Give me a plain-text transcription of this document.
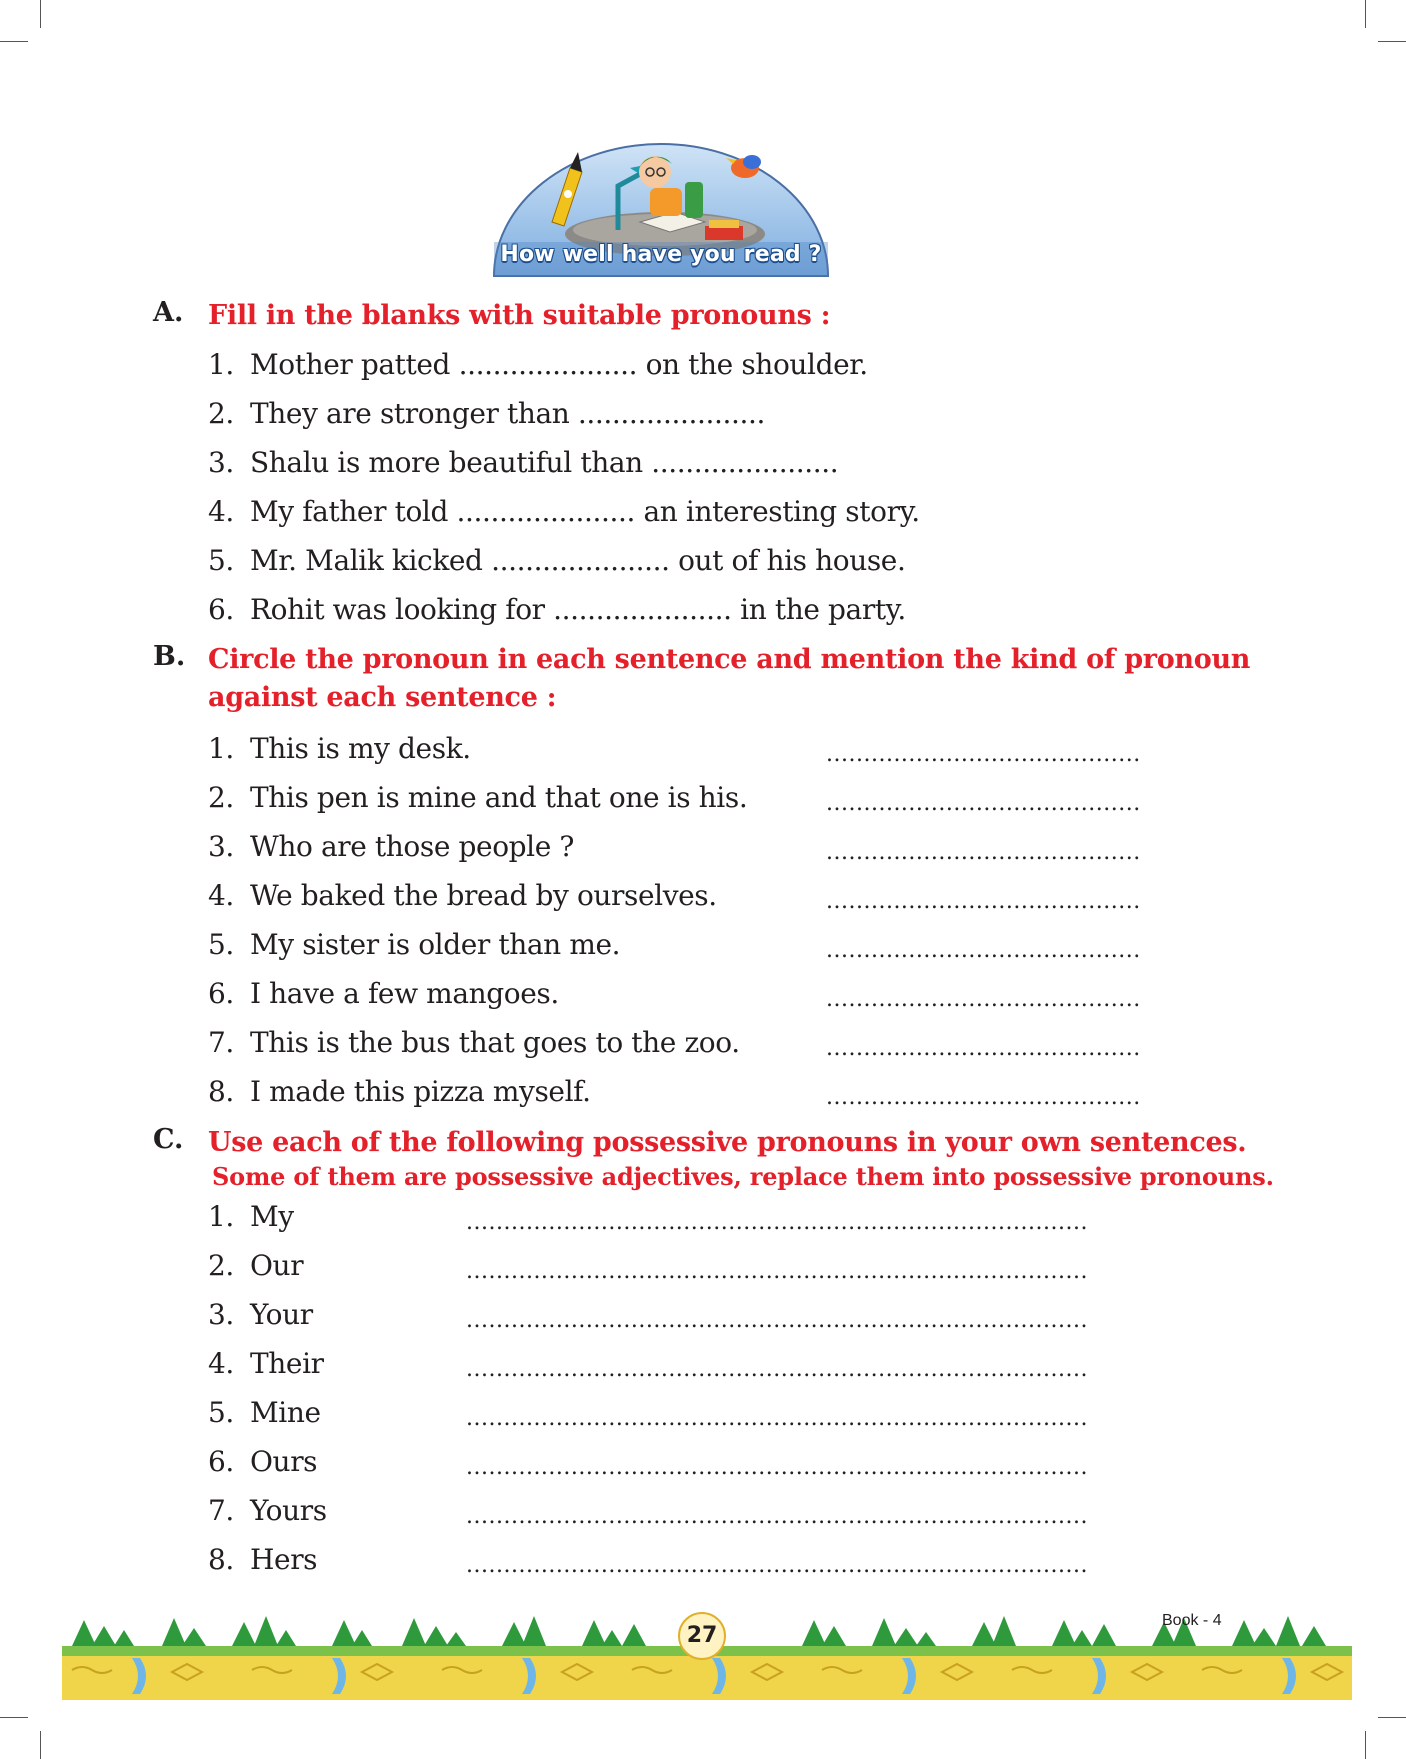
How well have you read ?
A. Fill in the blanks with suitable pronouns :
1. Mother patted ..................... on the shoulder.
2. They are stronger than ......................
3. Shalu is more beautiful than ......................
4. My father told ..................... an interesting story.
5. Mr. Malik kicked ..................... out of his house.
6. Rohit was looking for ..................... in the party.
B. Circle the pronoun in each sentence and mention the kind of pronoun
against each sentence :
1. This is my desk.	..........................................
2. This pen is mine and that one is his.	..........................................
3. Who are those people ?	..........................................
4. We baked the bread by ourselves.	..........................................
5. My sister is older than me.	..........................................
6. I have a few mangoes.	..........................................
7. This is the bus that goes to the zoo.	..........................................
8. I made this pizza myself.	..........................................
C. Use each of the following possessive pronouns in your own sentences.
Some of them are possessive adjectives, replace them into possessive pronouns.
1. My	...................................................................................
2. Our	...................................................................................
3. Your	...................................................................................
4. Their	...................................................................................
5. Mine	...................................................................................
6. Ours	...................................................................................
7. Yours	...................................................................................
8. Hers	...................................................................................
27
Book - 4
